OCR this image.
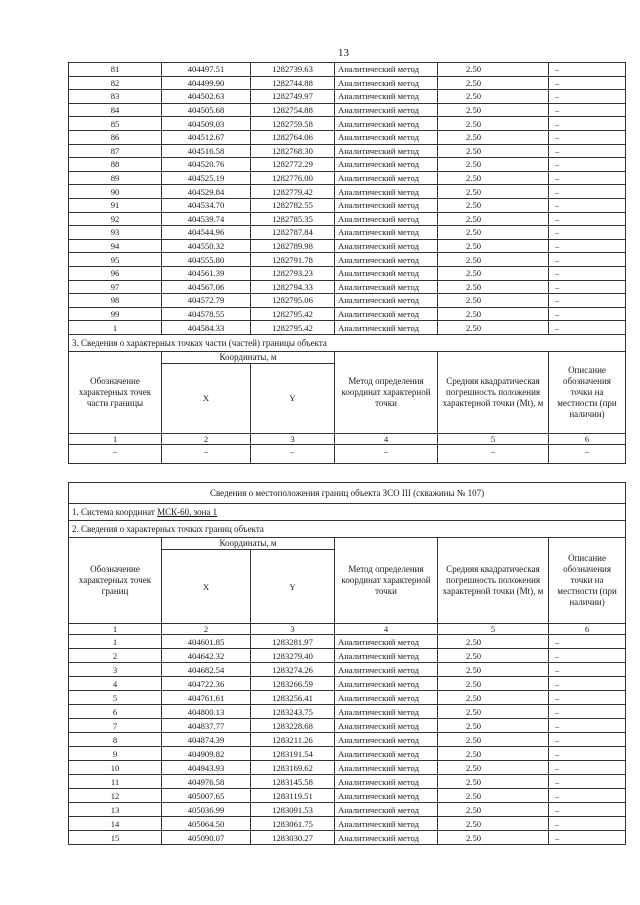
13
81	404497.51	1282739.63	Аналитический метод	2.50	–
82	404499.90	1282744.88	Аналитический метод	2.50	–
83	404502.63	1282749.97	Аналитический метод	2.50	–
84	404505.68	1282754.88	Аналитический метод	2.50	–
85	404509.03	1282759.58	Аналитический метод	2.50	–
86	404512.67	1282764.06	Аналитический метод	2.50	–
87	404516.58	1282768.30	Аналитический метод	2.50	–
88	404520.76	1282772.29	Аналитический метод	2.50	–
89	404525.19	1282776.00	Аналитический метод	2.50	–
90	404529.84	1282779.42	Аналитический метод	2.50	–
91	404534.70	1282782.55	Аналитический метод	2.50	–
92	404539.74	1282785.35	Аналитический метод	2.50	–
93	404544.96	1282787.84	Аналитический метод	2.50	–
94	404550.32	1282789.98	Аналитический метод	2.50	–
95	404555.80	1282791.78	Аналитический метод	2.50	–
96	404561.39	1282793.23	Аналитический метод	2.50	–
97	404567.06	1282794.33	Аналитический метод	2.50	–
98	404572.79	1282795.06	Аналитический метод	2.50	–
99	404578.55	1282795.42	Аналитический метод	2.50	–
1	404584.33	1282795.42	Аналитический метод	2.50	–
3. Сведения о характерных точках части (частей) границы объекта					
Обозначение характерных точек части границы	Координаты, м		Метод определения координат характерной точки	Средняя квадратическая погрешность положения характерной точки (Mt), м	Описание обозначения точки на местности (при наличии)
	X	Y			
1	2	3	4	5	6
–	–	–	–	–	–
Сведения о местоположения границ объекта ЗСО III (скважины № 107)					
1. Система координат МСК-60, зона 1					
2. Сведения о характерных точках границ объекта					
Обозначение характерных точек границ	Координаты, м		Метод определения координат характерной точки	Средняя квадратическая погрешность положения характерной точки (Mt), м	Описание обозначения точки на местности (при наличии)
	X	Y			
1	2	3	4	5	6
1	404601.85	1283281.97	Аналитический метод	2.50	–
2	404642.32	1283279.40	Аналитический метод	2.50	–
3	404682.54	1283274.26	Аналитический метод	2.50	–
4	404722.36	1283266.59	Аналитический метод	2.50	–
5	404761.61	1283256.41	Аналитический метод	2.50	–
6	404800.13	1283243.75	Аналитический метод	2.50	–
7	404837.77	1283228.68	Аналитический метод	2.50	–
8	404874.39	1283211.26	Аналитический метод	2.50	–
9	404909.82	1283191.54	Аналитический метод	2.50	–
10	404943.93	1283169.62	Аналитический метод	2.50	–
11	404976.58	1283145.58	Аналитический метод	2.50	–
12	405007.65	1283119.51	Аналитический метод	2.50	–
13	405036.99	1283091.53	Аналитический метод	2.50	–
14	405064.50	1283061.75	Аналитический метод	2.50	–
15	405090.07	1283030.27	Аналитический метод	2.50	–
